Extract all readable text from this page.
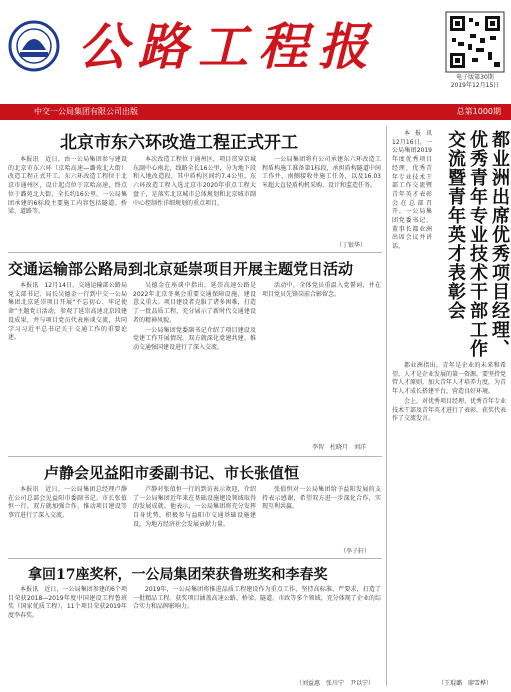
公路工程报
电子版第30期
2019年12月15日
中交一公局集团有限公司出版	总第1000期
北京市东六环改造工程正式开工

本报讯　近日，由一公局集团参与建设的北京市东六环（京哈高速—潞苑北大街）改造工程正式开工。东六环改造工程位于北京市通州区，设计起点位于京哈高速，终点位于潞苑北大街，全长约16公里。一公局集团承建的6标段主要施工内容包括隧道、桥梁、道路等。

本次改造工程位于通州区，项目贯穿京城东副中心南北，线路全长16公里，分为地下段和入地改造段，其中盾构区间约7.4公里。东六环改造工程入选北京市2020年重点工程大盘子，是落实北京城市总体规划和北京城市副中心控制性详细规划的重点项目。

一公局集团将有公司承建东六环改造工程盾构施工准备第1标段，承担盾构隧道中间工作井，南侧接收井施工任务，以及16.03米超大直径盾构机采购、设计和监造任务。

（丁银华）
交通运输部公路局到北京延崇项目开展主题党日活动

本报讯　12月14日，交通运输部公路局党支部书记、局长吴德金一行到中交一公局集团北京延崇项目开展“不忘初心、牢记使命”主题党日活动，参观了延崇高速北京段建设成果，并与项目党员代表座谈交流，共同学习习近平总书记关于交通工作的重要论述。

吴德金在座谈中指出，延崇高速公路是2022年北京冬奥会重要交通保障设施，建设意义重大。项目建设者克服了诸多困难，打造了一批品质工程，充分展示了新时代交通建设者的精神风貌。

一公局集团党委副书记介绍了项目建设及党建工作开展情况。双方就深化党建共建、推动交通强国建设进行了深入交流。

活动中，全体党员重温入党誓词，并在项目党员先锋岗前合影留念。

李智　杜晓月　刘洋
卢静会见益阳市委副书记、市长张值恒

本报讯　近日，一公局集团总经理卢静在公司总部会见益阳市委副书记、市长张值恒一行，双方就加强合作、推动项目建设等事宜进行了深入交流。

卢静对张值恒一行的到访表示欢迎，介绍了一公局集团近年来在基础设施建设领域取得的发展成就。他表示，一公局集团将充分发挥自身优势，积极参与益阳市交通基础设施建设，为地方经济社会发展贡献力量。

张值恒对一公局集团给予益阳发展的支持表示感谢，希望双方进一步深化合作，实现互利共赢。

（李子轩）
拿回17座奖杯，一公局集团荣获鲁班奖和李春奖

本报讯　近日，一公局集团参建的6个项目荣获2018—2019年度中国建设工程鲁班奖（国家优质工程），11个项目荣获2019年度李春奖。

2019年，一公局集团将推进品质工程建设作为重点工作，坚持高标准、严要求，打造了一批精品工程。获奖项目涵盖高速公路、桥梁、隧道、市政等多个领域，充分体现了企业的综合实力和品牌影响力。

（刘益惠　张川宁　尹以宁）
都业洲出席优秀项目经理、优秀青年专业技术干部工作交流暨青年英才表彰会

本报讯　12月16日，一公局集团2019年度优秀项目经理、优秀青年专业技术干部工作交流暨青年英才表彰会在总部召开。一公局集团党委书记、董事长都业洲出席会议并讲话。

都业洲指出，青年是企业的未来和希望，人才是企业发展的第一资源。要坚持党管人才原则，加大青年人才培养力度，为青年人才成长搭建平台，营造良好环境。

会上，对优秀项目经理、优秀青年专业技术干部及青年英才进行了表彰，获奖代表作了交流发言。

（王琨璐　廖雪桦）
